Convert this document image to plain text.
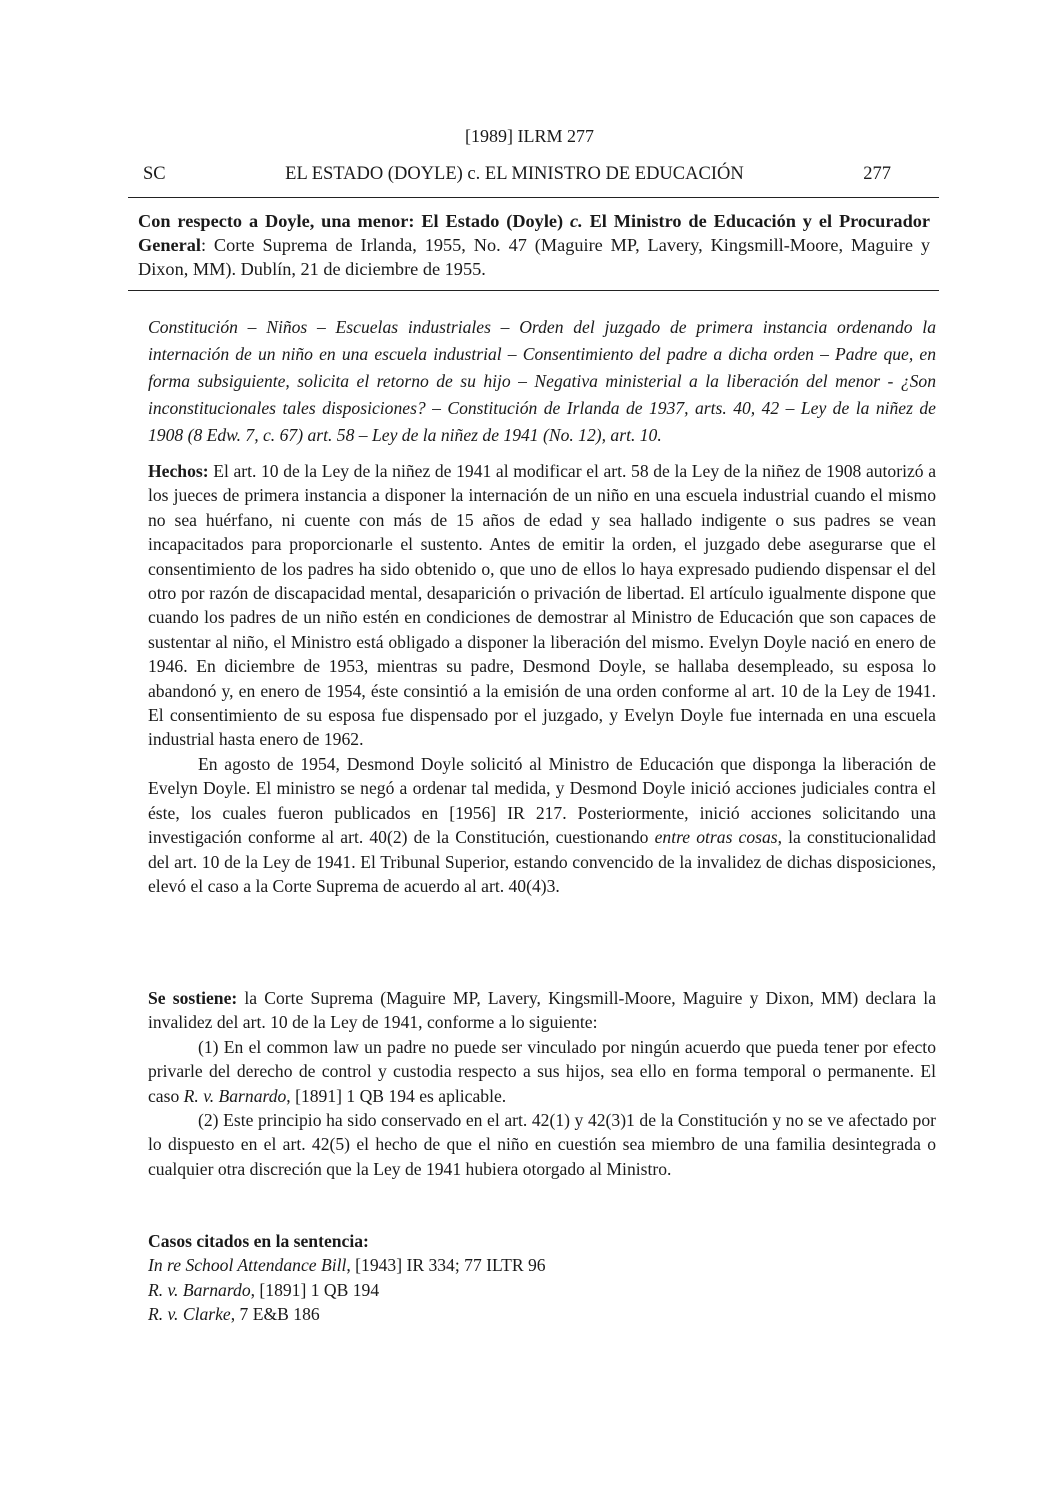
[1989] ILRM 277
SC	EL ESTADO (DOYLE) c. EL MINISTRO DE EDUCACIÓN	277
Con respecto a Doyle, una menor: El Estado (Doyle) c. El Ministro de Educación y el Procurador General: Corte Suprema de Irlanda, 1955, No. 47 (Maguire MP, Lavery, Kingsmill-Moore, Maguire y Dixon, MM). Dublín, 21 de diciembre de 1955.
Constitución – Niños – Escuelas industriales – Orden del juzgado de primera instancia ordenando la internación de un niño en una escuela industrial – Consentimiento del padre a dicha orden – Padre que, en forma subsiguiente, solicita el retorno de su hijo – Negativa ministerial a la liberación del menor - ¿Son inconstitucionales tales disposiciones? – Constitución de Irlanda de 1937, arts. 40, 42 – Ley de la niñez de 1908 (8 Edw. 7, c. 67) art. 58 – Ley de la niñez de 1941 (No. 12), art. 10.

Hechos: El art. 10 de la Ley de la niñez de 1941 al modificar el art. 58 de la Ley de la niñez de 1908 autorizó a los jueces de primera instancia a disponer la internación de un niño en una escuela industrial cuando el mismo no sea huérfano, ni cuente con más de 15 años de edad y sea hallado indigente o sus padres se vean incapacitados para proporcionarle el sustento. Antes de emitir la orden, el juzgado debe asegurarse que el consentimiento de los padres ha sido obtenido o, que uno de ellos lo haya expresado pudiendo dispensar el del otro por razón de discapacidad mental, desaparición o privación de libertad. El artículo igualmente dispone que cuando los padres de un niño estén en condiciones de demostrar al Ministro de Educación que son capaces de sustentar al niño, el Ministro está obligado a disponer la liberación del mismo. Evelyn Doyle nació en enero de 1946. En diciembre de 1953, mientras su padre, Desmond Doyle, se hallaba desempleado, su esposa lo abandonó y, en enero de 1954, éste consintió a la emisión de una orden conforme al art. 10 de la Ley de 1941. El consentimiento de su esposa fue dispensado por el juzgado, y Evelyn Doyle fue internada en una escuela industrial hasta enero de 1962.

En agosto de 1954, Desmond Doyle solicitó al Ministro de Educación que disponga la liberación de Evelyn Doyle. El ministro se negó a ordenar tal medida, y Desmond Doyle inició acciones judiciales contra el éste, los cuales fueron publicados en [1956] IR 217. Posteriormente, inició acciones solicitando una investigación conforme al art. 40(2) de la Constitución, cuestionando entre otras cosas, la constitucionalidad del art. 10 de la Ley de 1941. El Tribunal Superior, estando convencido de la invalidez de dichas disposiciones, elevó el caso a la Corte Suprema de acuerdo al art. 40(4)3.

Se sostiene: la Corte Suprema (Maguire MP, Lavery, Kingsmill-Moore, Maguire y Dixon, MM) declara la invalidez del art. 10 de la Ley de 1941, conforme a lo siguiente:

(1) En el common law un padre no puede ser vinculado por ningún acuerdo que pueda tener por efecto privarle del derecho de control y custodia respecto a sus hijos, sea ello en forma temporal o permanente. El caso R. v. Barnardo, [1891] 1 QB 194 es aplicable.

(2) Este principio ha sido conservado en el art. 42(1) y 42(3)1 de la Constitución y no se ve afectado por lo dispuesto en el art. 42(5) el hecho de que el niño en cuestión sea miembro de una familia desintegrada o cualquier otra discreción que la Ley de 1941 hubiera otorgado al Ministro.

Casos citados en la sentencia:
In re School Attendance Bill, [1943] IR 334; 77 ILTR 96
R. v. Barnardo, [1891] 1 QB 194
R. v. Clarke, 7 E&B 186
